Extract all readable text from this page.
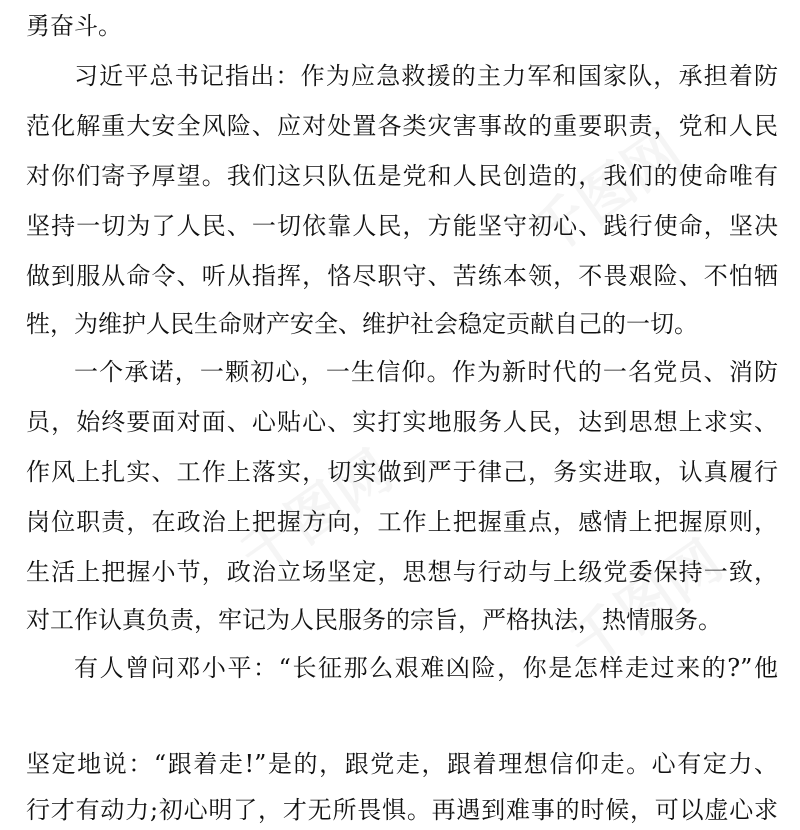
千图网
千图网
千图网
勇奋斗。
习近平总书记指出：作为应急救援的主力军和国家队，承担着防
范化解重大安全风险、应对处置各类灾害事故的重要职责，党和人民
对你们寄予厚望。我们这只队伍是党和人民创造的，我们的使命唯有
坚持一切为了人民、一切依靠人民，方能坚守初心、践行使命，坚决
做到服从命令、听从指挥，恪尽职守、苦练本领，不畏艰险、不怕牺
牲，为维护人民生命财产安全、维护社会稳定贡献自己的一切。
一个承诺，一颗初心，一生信仰。作为新时代的一名党员、消防
员，始终要面对面、心贴心、实打实地服务人民，达到思想上求实、
作风上扎实、工作上落实，切实做到严于律己，务实进取，认真履行
岗位职责，在政治上把握方向，工作上把握重点，感情上把握原则，
生活上把握小节，政治立场坚定，思想与行动与上级党委保持一致，
对工作认真负责，牢记为人民服务的宗旨，严格执法，热情服务。
有人曾问邓小平：“长征那么艰难凶险，你是怎样走过来的?”他
坚定地说：“跟着走!”是的，跟党走，跟着理想信仰走。心有定力、
行才有动力;初心明了，才无所畏惧。再遇到难事的时候，可以虚心求
